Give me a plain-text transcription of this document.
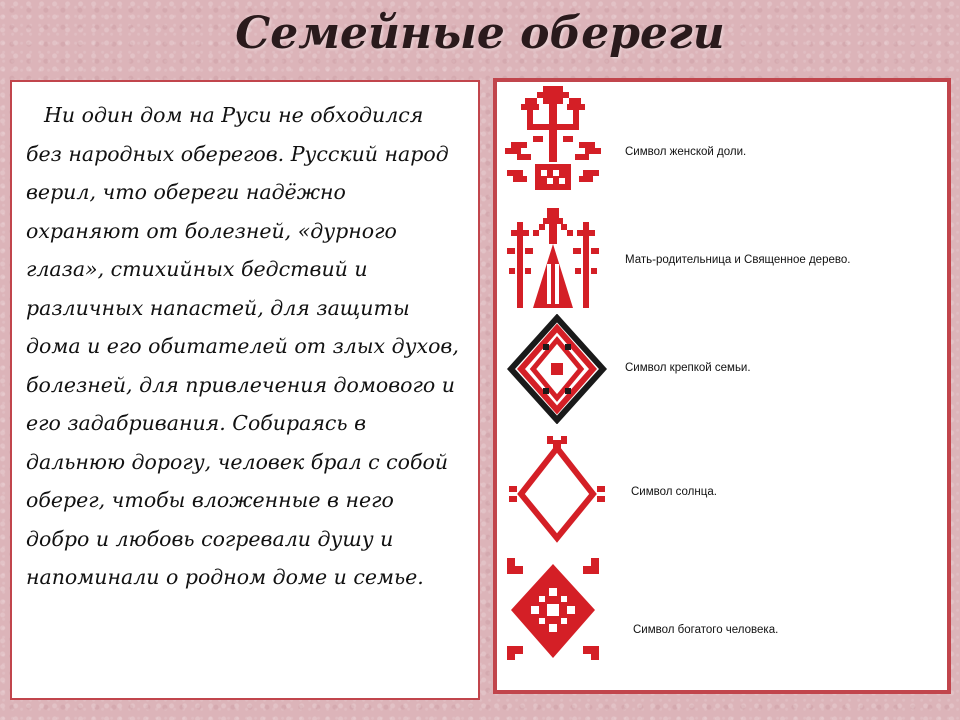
Семейные обереги

Ни один дом на Руси не обходился без народных оберегов. Русский народ верил, что обереги надёжно охраняют от болезней, «дурного глаза», стихийных бедствий и различных напастей, для защиты дома и его обитателей от злых духов, болезней, для привлечения домового и его задабривания. Собираясь в дальнюю дорогу, человек брал с собой оберег, чтобы вложенные в него добро и любовь согревали душу и напоминали о родном доме и семье.

Символ женской доли.
Мать-родительница и Священное дерево.
Символ крепкой семьи.
Символ солнца.
Символ богатого человека.
